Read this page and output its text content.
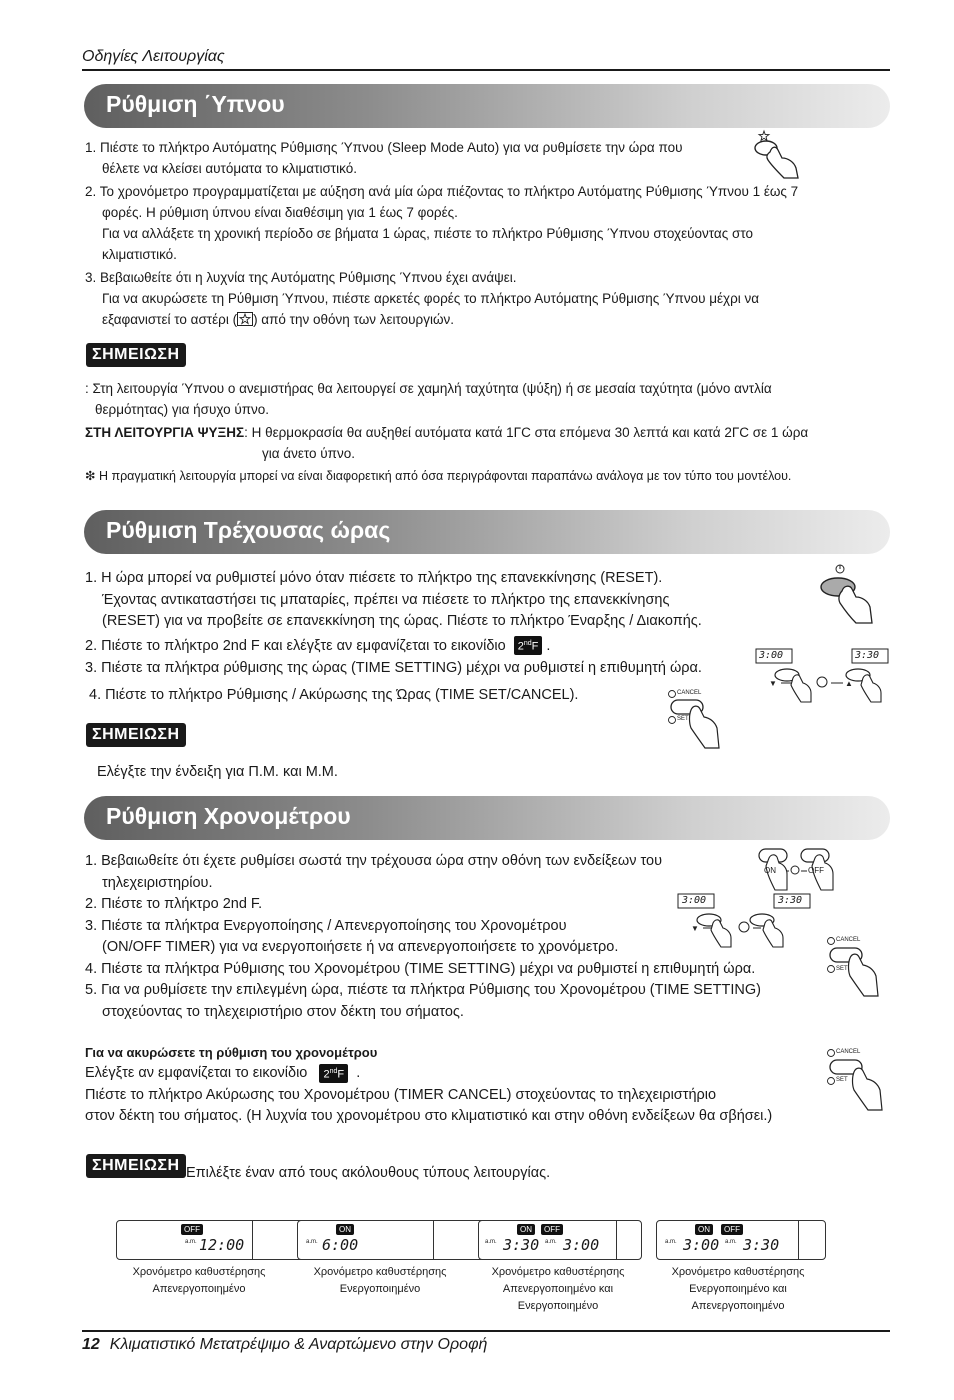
Οδηγίες Λειτουργίας
Ρύθμιση ΄Υπνου

1. Πιέστε το πλήκτρο Αυτόματης Ρύθμισης Ύπνου (Sleep Mode Auto) για να ρυθμίσετε την ώρα που

θέλετε να κλείσει αυτόματα το κλιματιστικό.

2. Το χρονόμετρο προγραμματίζεται με αύξηση ανά μία ώρα πιέζοντας το πλήκτρο Αυτόματης Ρύθμισης Ύπνου 1 έως 7

φορές. Η ρύθμιση ύπνου είναι διαθέσιμη για 1 έως 7 φορές.

Για να αλλάξετε τη χρονική περίοδο σε βήματα 1 ώρας, πιέστε το πλήκτρο Ρύθμισης Ύπνου στοχεύοντας στο

κλιματιστικό.

3. Βεβαιωθείτε ότι η λυχνία της Αυτόματης Ρύθμισης Ύπνου έχει ανάψει.

Για να ακυρώσετε τη Ρύθμιση Ύπνου, πιέστε αρκετές φορές το πλήκτρο Αυτόματης Ρύθμισης Ύπνου μέχρι να

εξαφανιστεί το αστέρι ( ) από την οθόνη των λειτουργιών.

ΣΗΜΕΙΩΣΗ

: Στη λειτουργία Ύπνου ο ανεμιστήρας θα λειτουργεί σε χαμηλή ταχύτητα (ψύξη) ή σε μεσαία ταχύτητα (μόνο αντλία

θερμότητας) για ήσυχο ύπνο.

ΣΤΗ ΛΕΙΤΟΥΡΓΙΑ ΨΥΞΗΣ: Η θερμοκρασία θα αυξηθεί αυτόματα κατά 1ΓC στα επόμενα 30 λεπτά και κατά 2ΓC σε 1 ώρα

για άνετο ύπνο.

❇ Η πραγματική λειτουργία μπορεί να είναι διαφορετική από όσα περιγράφονται παραπάνω ανάλογα με τον τύπο του μοντέλου.

Ρύθμιση Τρέχουσας ώρας

1. Η ώρα μπορεί να ρυθμιστεί μόνο όταν πιέσετε το πλήκτρο της επανεκκίνησης (RESET).

Έχοντας αντικαταστήσει τις μπαταρίες, πρέπει να πιέσετε το πλήκτρο της επανεκκίνησης

(RESET) για να προβείτε σε επανεκκίνηση της ώρας. Πιέστε το πλήκτρο Έναρξης / Διακοπής.

2. Πιέστε το πλήκτρο 2nd F και ελέγξτε αν εμφανίζεται το εικονίδιο 2ndF .

3. Πιέστε τα πλήκτρα ρύθμισης της ώρας (TIME SETTING) μέχρι να ρυθμιστεί η επιθυμητή ώρα.

4. Πιέστε το πλήκτρο Ρύθμισης / Ακύρωσης της Ώρας (TIME SET/CANCEL).

▼	▲
3:00	3:30
CANCEL
SET
ΣΗΜΕΙΩΣΗ
Ελέγξτε την ένδειξη για Π.Μ. και Μ.Μ.
Ρύθμιση Χρονομέτρου

1. Βεβαιωθείτε ότι έχετε ρυθμίσει σωστά την τρέχουσα ώρα στην οθόνη των ενδείξεων του

τηλεχειριστηρίου.

2. Πιέστε το πλήκτρο 2nd F.

3. Πιέστε τα πλήκτρα Ενεργοποίησης / Απενεργοποίησης του Χρονομέτρου

(ON/OFF TIMER) για να ενεργοποιήσετε ή να απενεργοποιήσετε το χρονόμετρο.

4. Πιέστε τα πλήκτρα Ρύθμισης του Χρονομέτρου (TIME SETTING) μέχρι να ρυθμιστεί η επιθυμητή ώρα.

5. Για να ρυθμίσετε την επιλεγμένη ώρα, πιέστε τα πλήκτρα Ρύθμισης του Χρονομέτρου (TIME SETTING)

στοχεύοντας το τηλεχειριστήριο στον δέκτη του σήματος.

ON	OFF
▼
3:00	3:30
CANCEL
SET
Για να ακυρώσετε τη ρύθμιση του χρονομέτρου

Ελέγξτε αν εμφανίζεται το εικονίδιο 2ndF .

Πιέστε το πλήκτρο Ακύρωσης του Χρονομέτρου (TIMER CANCEL) στοχεύοντας το τηλεχειριστήριο

στον δέκτη του σήματος. (Η λυχνία του χρονομέτρου στο κλιματιστικό και στην οθόνη ενδείξεων θα σβήσει.)

CANCEL
SET
ΣΗΜΕΙΩΣΗ Επιλέξτε έναν από τους ακόλουθους τύπους λειτουργίας.
OFF
a.m. 12:00
ON
a.m. 6:00
ON	OFF
a.m. 3:30 a.m. 3:00
ON	OFF
a.m. 3:00 a.m. 3:30
Χρονόμετρο καθυστέρησης
Απενεργοποιημένο
Χρονόμετρο καθυστέρησης
Ενεργοποιημένο
Χρονόμετρο καθυστέρησης
Απενεργοποιημένο και Ενεργοποιημένο
Χρονόμετρο καθυστέρησης
Ενεργοποιημένο και Απενεργοποιημένο
12 Κλιματιστικό Μετατρέψιμο & Αναρτώμενο στην Οροφή
